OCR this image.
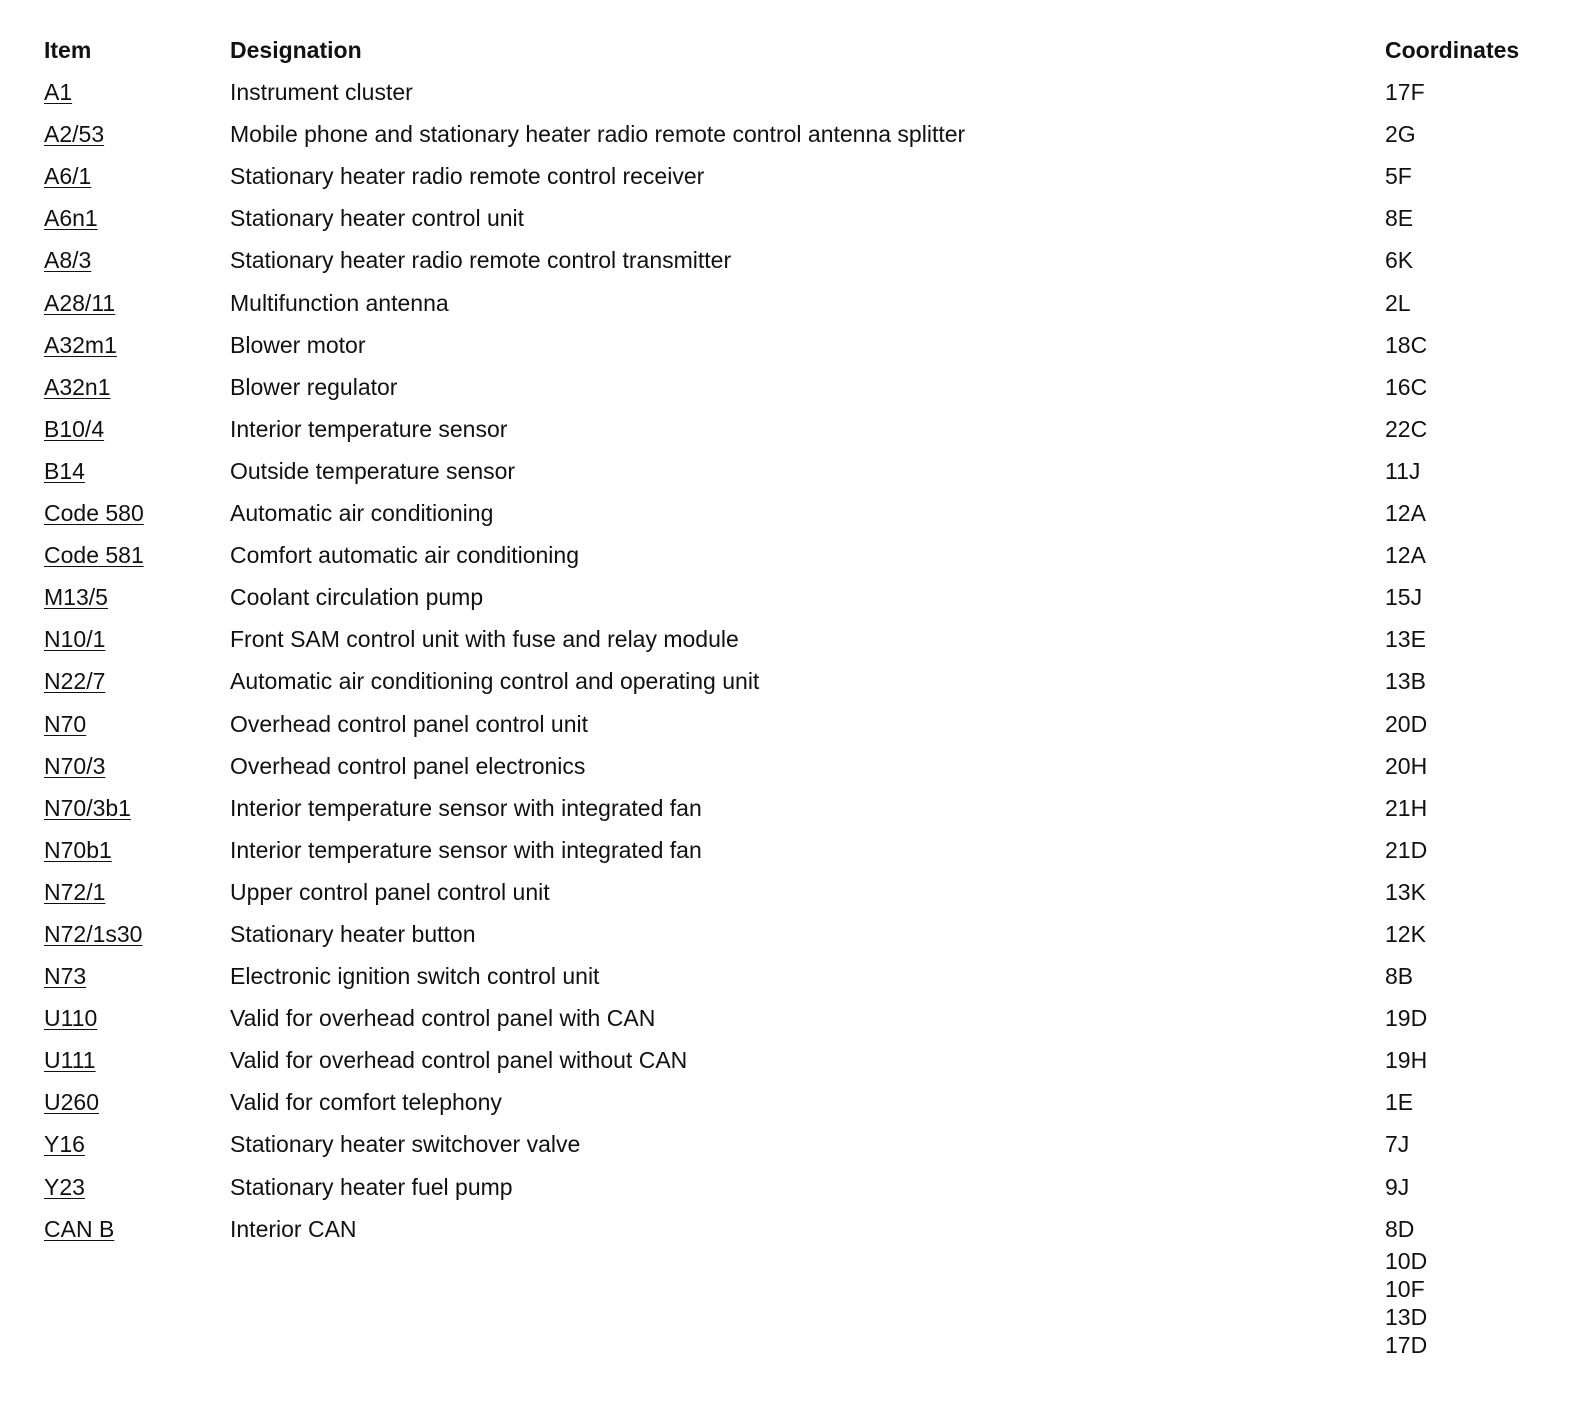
Item	Designation	Coordinates
A1	Instrument cluster	17F
A2/53	Mobile phone and stationary heater radio remote control antenna splitter	2G
A6/1	Stationary heater radio remote control receiver	5F
A6n1	Stationary heater control unit	8E
A8/3	Stationary heater radio remote control transmitter	6K
A28/11	Multifunction antenna	2L
A32m1	Blower motor	18C
A32n1	Blower regulator	16C
B10/4	Interior temperature sensor	22C
B14	Outside temperature sensor	11J
Code 580	Automatic air conditioning	12A
Code 581	Comfort automatic air conditioning	12A
M13/5	Coolant circulation pump	15J
N10/1	Front SAM control unit with fuse and relay module	13E
N22/7	Automatic air conditioning control and operating unit	13B
N70	Overhead control panel control unit	20D
N70/3	Overhead control panel electronics	20H
N70/3b1	Interior temperature sensor with integrated fan	21H
N70b1	Interior temperature sensor with integrated fan	21D
N72/1	Upper control panel control unit	13K
N72/1s30	Stationary heater button	12K
N73	Electronic ignition switch control unit	8B
U110	Valid for overhead control panel with CAN	19D
U111	Valid for overhead control panel without CAN	19H
U260	Valid for comfort telephony	1E
Y16	Stationary heater switchover valve	7J
Y23	Stationary heater fuel pump	9J
CAN B	Interior CAN	8D
10D
10F
13D
17D
